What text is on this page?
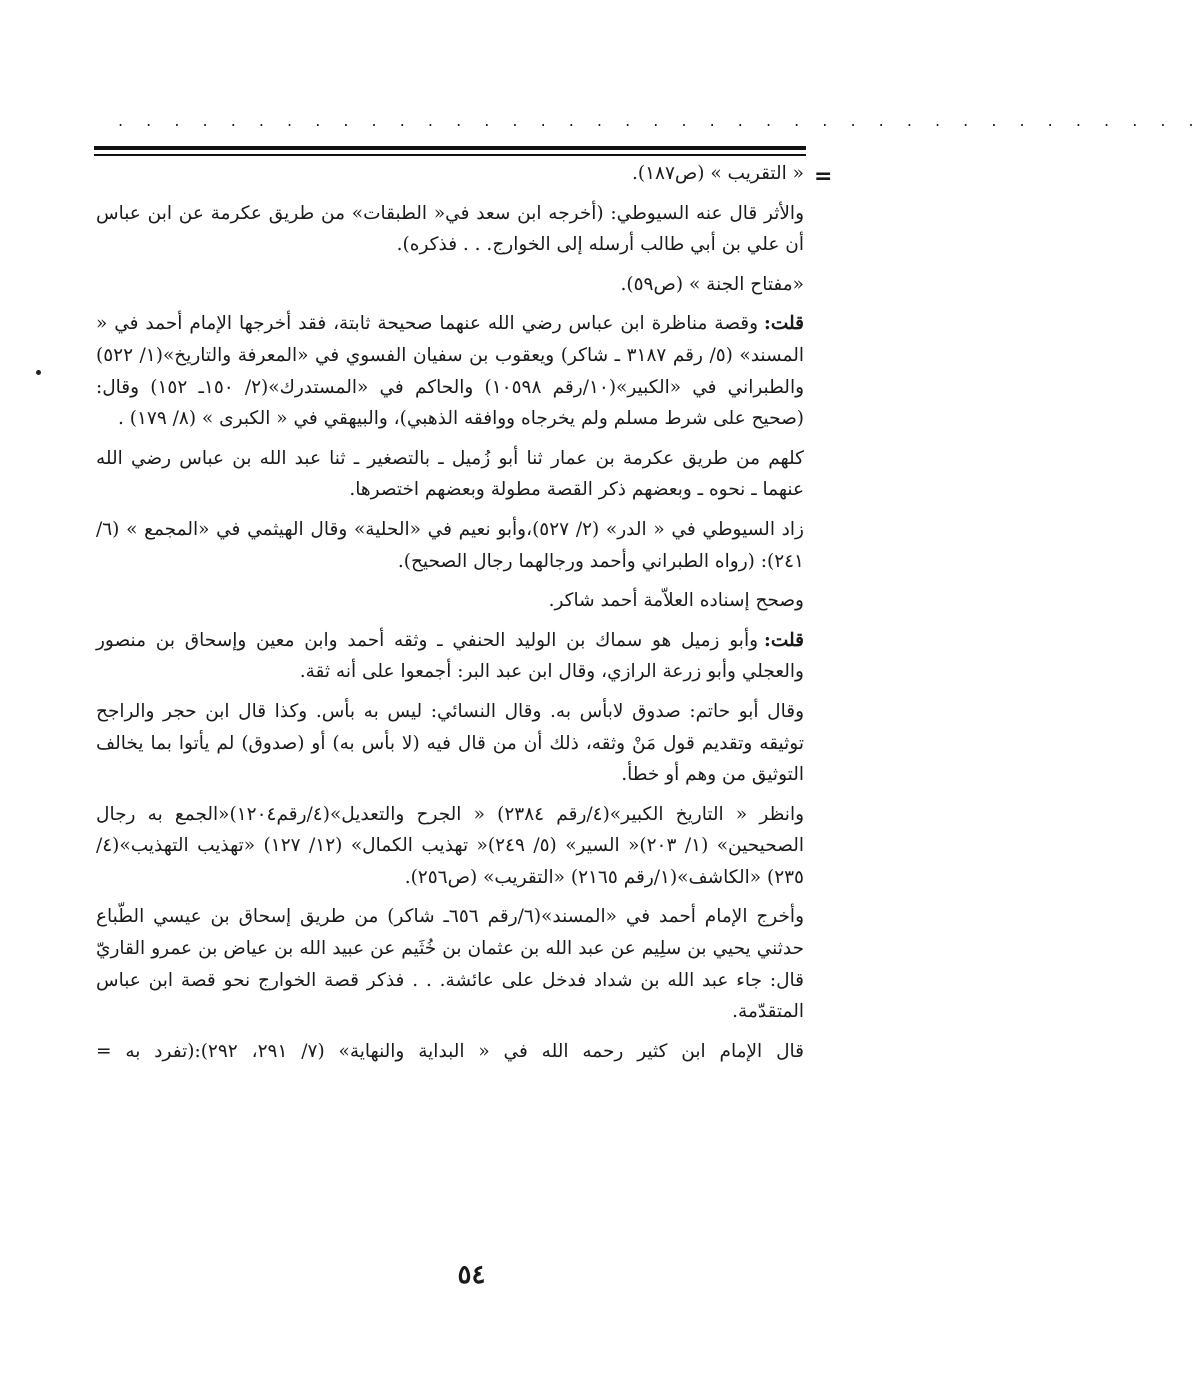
. . . . . . . . . . . . . . . . . . . . . . . . . . . . . . . . . . . . . . .
=

« التقريب » (ص١٨٧).

والأثر قال عنه السيوطي: (أخرجه ابن سعد في« الطبقات» من طريق عكرمة عن ابن عباس أن علي بن أبي طالب أرسله إلى الخوارج. . . فذكره).

«مفتاح الجنة » (ص٥٩).

قلت:وقصة مناظرة ابن عباس رضي الله عنهما صحيحة ثابتة، فقد أخرجها الإمام أحمد في « المسند» (٥/ رقم ٣١٨٧ ـ شاكر) ويعقوب بن سفيان الفسوي في «المعرفة والتاريخ»(١/ ٥٢٢) والطبراني في «الكبير»(١٠/رقم ١٠٥٩٨) والحاكم في «المستدرك»(٢/ ١٥٠ـ ١٥٢) وقال:(صحيح على شرط مسلم ولم يخرجاه ووافقه الذهبي)، والبيهقي في « الكبرى » (٨/ ١٧٩) .

كلهم من طريق عكرمة بن عمار ثنا أبو زُميل ـ بالتصغير ـ ثنا عبد الله بن عباس رضي الله عنهما ـ نحوه ـ وبعضهم ذكر القصة مطولة وبعضهم اختصرها.

زاد السيوطي في « الدر» (٢/ ٥٢٧)،وأبو نعيم في «الحلية» وقال الهيثمي في «المجمع » (٦/ ٢٤١): (رواه الطبراني وأحمد ورجالهما رجال الصحيح).

وصحح إسناده العلاّمة أحمد شاكر.

قلت:وأبو زميل هو سماك بن الوليد الحنفي ـ وثقه أحمد وابن معين وإسحاق بن منصور والعجلي وأبو زرعة الرازي، وقال ابن عبد البر: أجمعوا على أنه ثقة.

وقال أبو حاتم: صدوق لابأس به. وقال النسائي: ليس به بأس. وكذا قال ابن حجر والراجح توثيقه وتقديم قول مَنْ وثقه، ذلك أن من قال فيه (لا بأس به) أو (صدوق) لم يأتوا بما يخالف التوثيق من وهم أو خطأ.

وانظر « التاريخ الكبير»(٤/رقم ٢٣٨٤) « الجرح والتعديل»(٤/رقم١٢٠٤)«الجمع به رجال الصحيحين» (١/ ٢٠٣)« السير» (٥/ ٢٤٩)« تهذيب الكمال» (١٢/ ١٢٧) «تهذيب التهذيب»(٤/ ٢٣٥) «الكاشف»(١/رقم ٢١٦٥) «التقريب» (ص٢٥٦).

وأخرج الإمام أحمد في «المسند»(٦/رقم ٦٥٦ـ شاكر) من طريق إسحاق بن عيسي الطّباع حدثني يحيي بن سلِيم عن عبد الله بن عثمان بن خُثَيم عن عبيد الله بن عياض بن عمرو القاريّ قال: جاء عبد الله بن شداد فدخل على عائشة. . . فذكر قصة الخوارج نحو قصة ابن عباس المتقدّمة.

قال الإمام ابن كثير رحمه الله في « البداية والنهاية» (٧/ ٢٩١، ٢٩٢):(تفرد به =

٥٤
